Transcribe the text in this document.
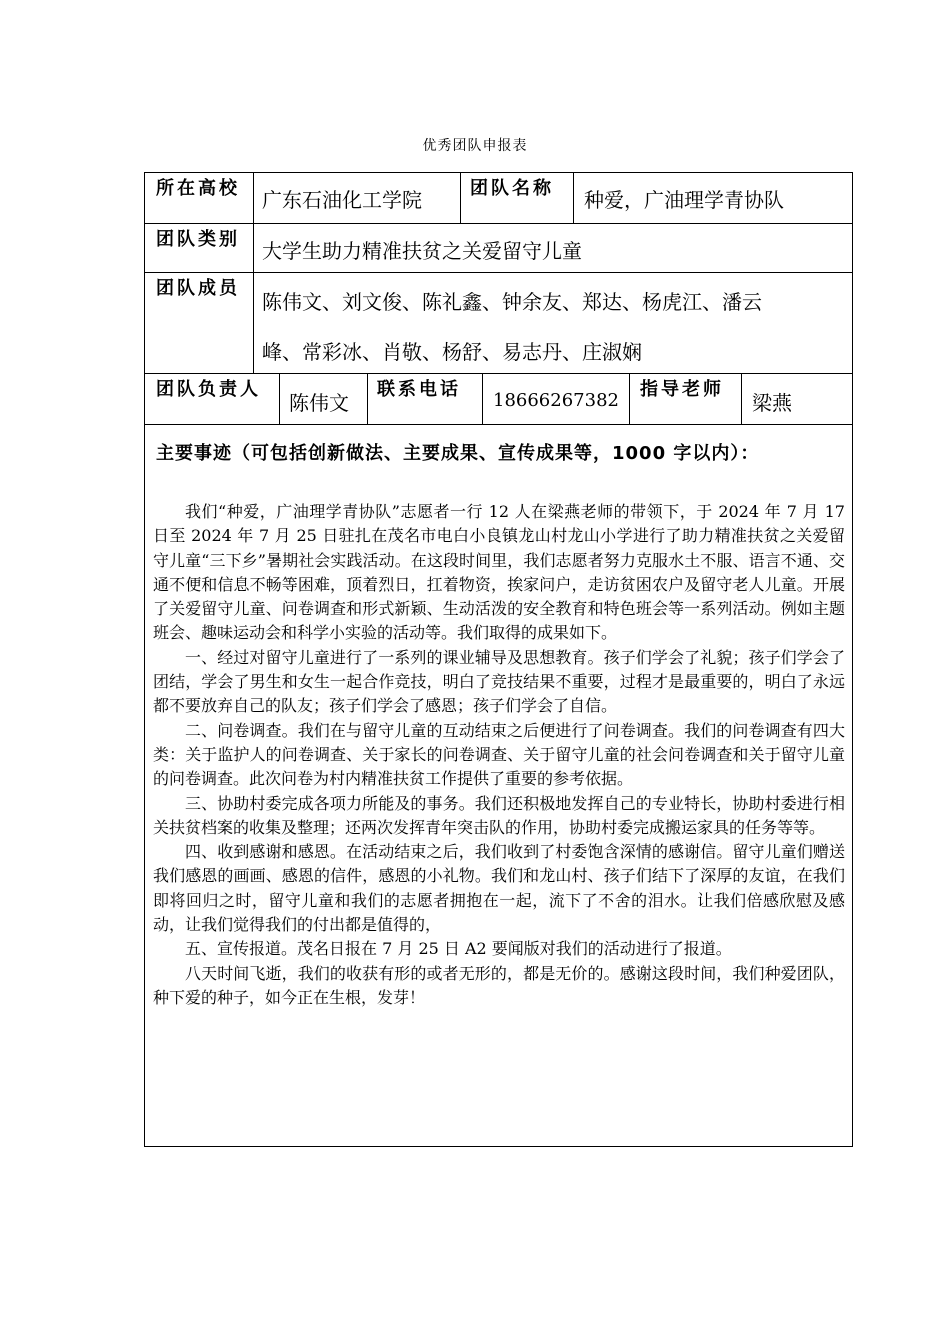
优秀团队申报表
所在高校 广东石油化工学院	团队名称 种爱，广油理学青协队
团队类别 大学生助力精准扶贫之关爱留守儿童
团队成员
陈伟文、刘文俊、陈礼鑫、钟余友、郑达、杨虎江、潘云
峰、常彩冰、肖敬、杨舒、易志丹、庄淑娴
团队负责人
陈伟文
联系电话
18666267382
指导老师
梁燕
主要事迹（可包括创新做法、主要成果、宣传成果等，1000 字以内）：

我们“种爱，广油理学青协队”志愿者一行 12 人在梁燕老师的带领下，于 2024 年 7 月 17 日至 2024 年 7 月 25 日驻扎在茂名市电白小良镇龙山村龙山小学进行了助力精准扶贫之关爱留守儿童“三下乡”暑期社会实践活动。在这段时间里，我们志愿者努力克服水土不服、语言不通、交通不便和信息不畅等困难，顶着烈日，扛着物资，挨家问户，走访贫困农户及留守老人儿童。开展了关爱留守儿童、问卷调查和形式新颖、生动活泼的安全教育和特色班会等一系列活动。例如主题班会、趣味运动会和科学小实验的活动等。我们取得的成果如下。

一、经过对留守儿童进行了一系列的课业辅导及思想教育。孩子们学会了礼貌；孩子们学会了团结，学会了男生和女生一起合作竞技，明白了竞技结果不重要，过程才是最重要的，明白了永远都不要放弃自己的队友；孩子们学会了感恩；孩子们学会了自信。

二、问卷调查。我们在与留守儿童的互动结束之后便进行了问卷调查。我们的问卷调查有四大类：关于监护人的问卷调查、关于家长的问卷调查、关于留守儿童的社会问卷调查和关于留守儿童的问卷调查。此次问卷为村内精准扶贫工作提供了重要的参考依据。

三、协助村委完成各项力所能及的事务。我们还积极地发挥自己的专业特长，协助村委进行相关扶贫档案的收集及整理；还两次发挥青年突击队的作用，协助村委完成搬运家具的任务等等。

四、收到感谢和感恩。在活动结束之后，我们收到了村委饱含深情的感谢信。留守儿童们赠送我们感恩的画画、感恩的信件，感恩的小礼物。我们和龙山村、孩子们结下了深厚的友谊，在我们即将回归之时，留守儿童和我们的志愿者拥抱在一起，流下了不舍的泪水。让我们倍感欣慰及感动，让我们觉得我们的付出都是值得的，

五、宣传报道。茂名日报在 7 月 25 日 A2 要闻版对我们的活动进行了报道。

八天时间飞逝，我们的收获有形的或者无形的，都是无价的。感谢这段时间，我们种爱团队，种下爱的种子，如今正在生根，发芽！
